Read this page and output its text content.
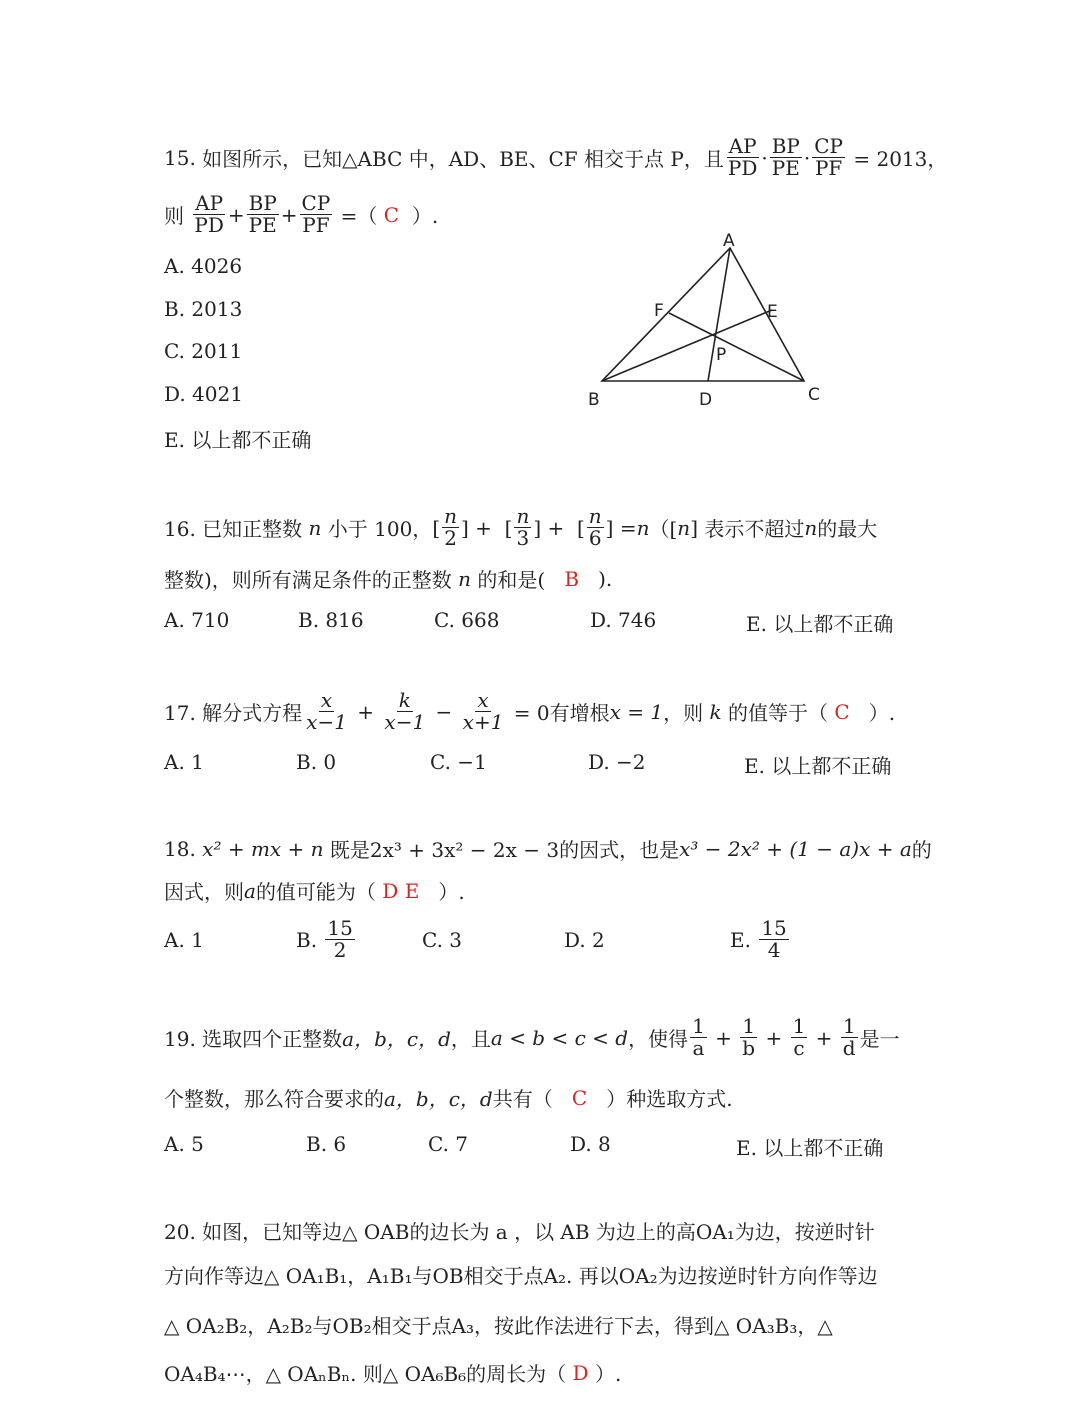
15.
如图所示，已知△ABC 中，AD、BE、CF 相交于点 P，且 $\frac{AP}{PD} \cdot \frac{BP}{PE} \cdot \frac{CP}{PF}$
= 2013，
则
$\frac{AP}{PD} + \frac{BP}{PE} + \frac{CP}{PF}$ =（ C ）.
A. 4026
B. 2013
C. 2011
D. 4021
E. 以上都不正确
A
B	C
D
E
F
P
16. 已知正整数
n
小于 100， [ $\frac{n}{2}$ ] +  [ $\frac{n}{3}$ ] +  [ $\frac{n}{6}$ ] = n （[ n ] 表示不超过 n 的最大
整数)，则所有满足条件的正整数
n
的和是(
B ).
A. 710	B. 816	C. 668	D. 746	E. 以上都不正确
17. 解分式方程 $\frac{x}{x-1} + \frac{k}{x-1} - \frac{x}{x+1}$
= 0有增根 x = 1 ，则
k
的值等于（
C ）.
A. 1	B. 0	C. −1	D. −2	E. 以上都不正确
18.
x² + mx + n
既是2x³ + 3x² − 2x − 3的因式，也是 x³ − 2x² + (1 − a)x + a 的
因式，则 a 的值可能为（
D E ）.
A. 1	B.
$\frac{15}{2}$	C. 3	D. 2	E.
$\frac{15}{4}$
19. 选取四个正整数 a，b，c，d ，且 a < b < c < d ，使得 $\frac{1}{a} + \frac{1}{b} + \frac{1}{c} + \frac{1}{d}$ 是一
个整数，那么符合要求的 a，b，c，d 共有（
C
）种选取方式.
A. 5	B. 6	C. 7	D. 8	E. 以上都不正确
20. 如图，已知等边△ OAB的边长为 a ，以 AB 为边上的高OA₁为边，按逆时针
方向作等边△ OA₁B₁，A₁B₁与OB相交于点A₂. 再以OA₂为边按逆时针方向作等边
△ OA₂B₂，A₂B₂与OB₂相交于点A₃，按此作法进行下去，得到△ OA₃B₃，△
OA₄B₄⋯，△ OAₙBₙ. 则△ OA₆B₆的周长为（
D
）.
